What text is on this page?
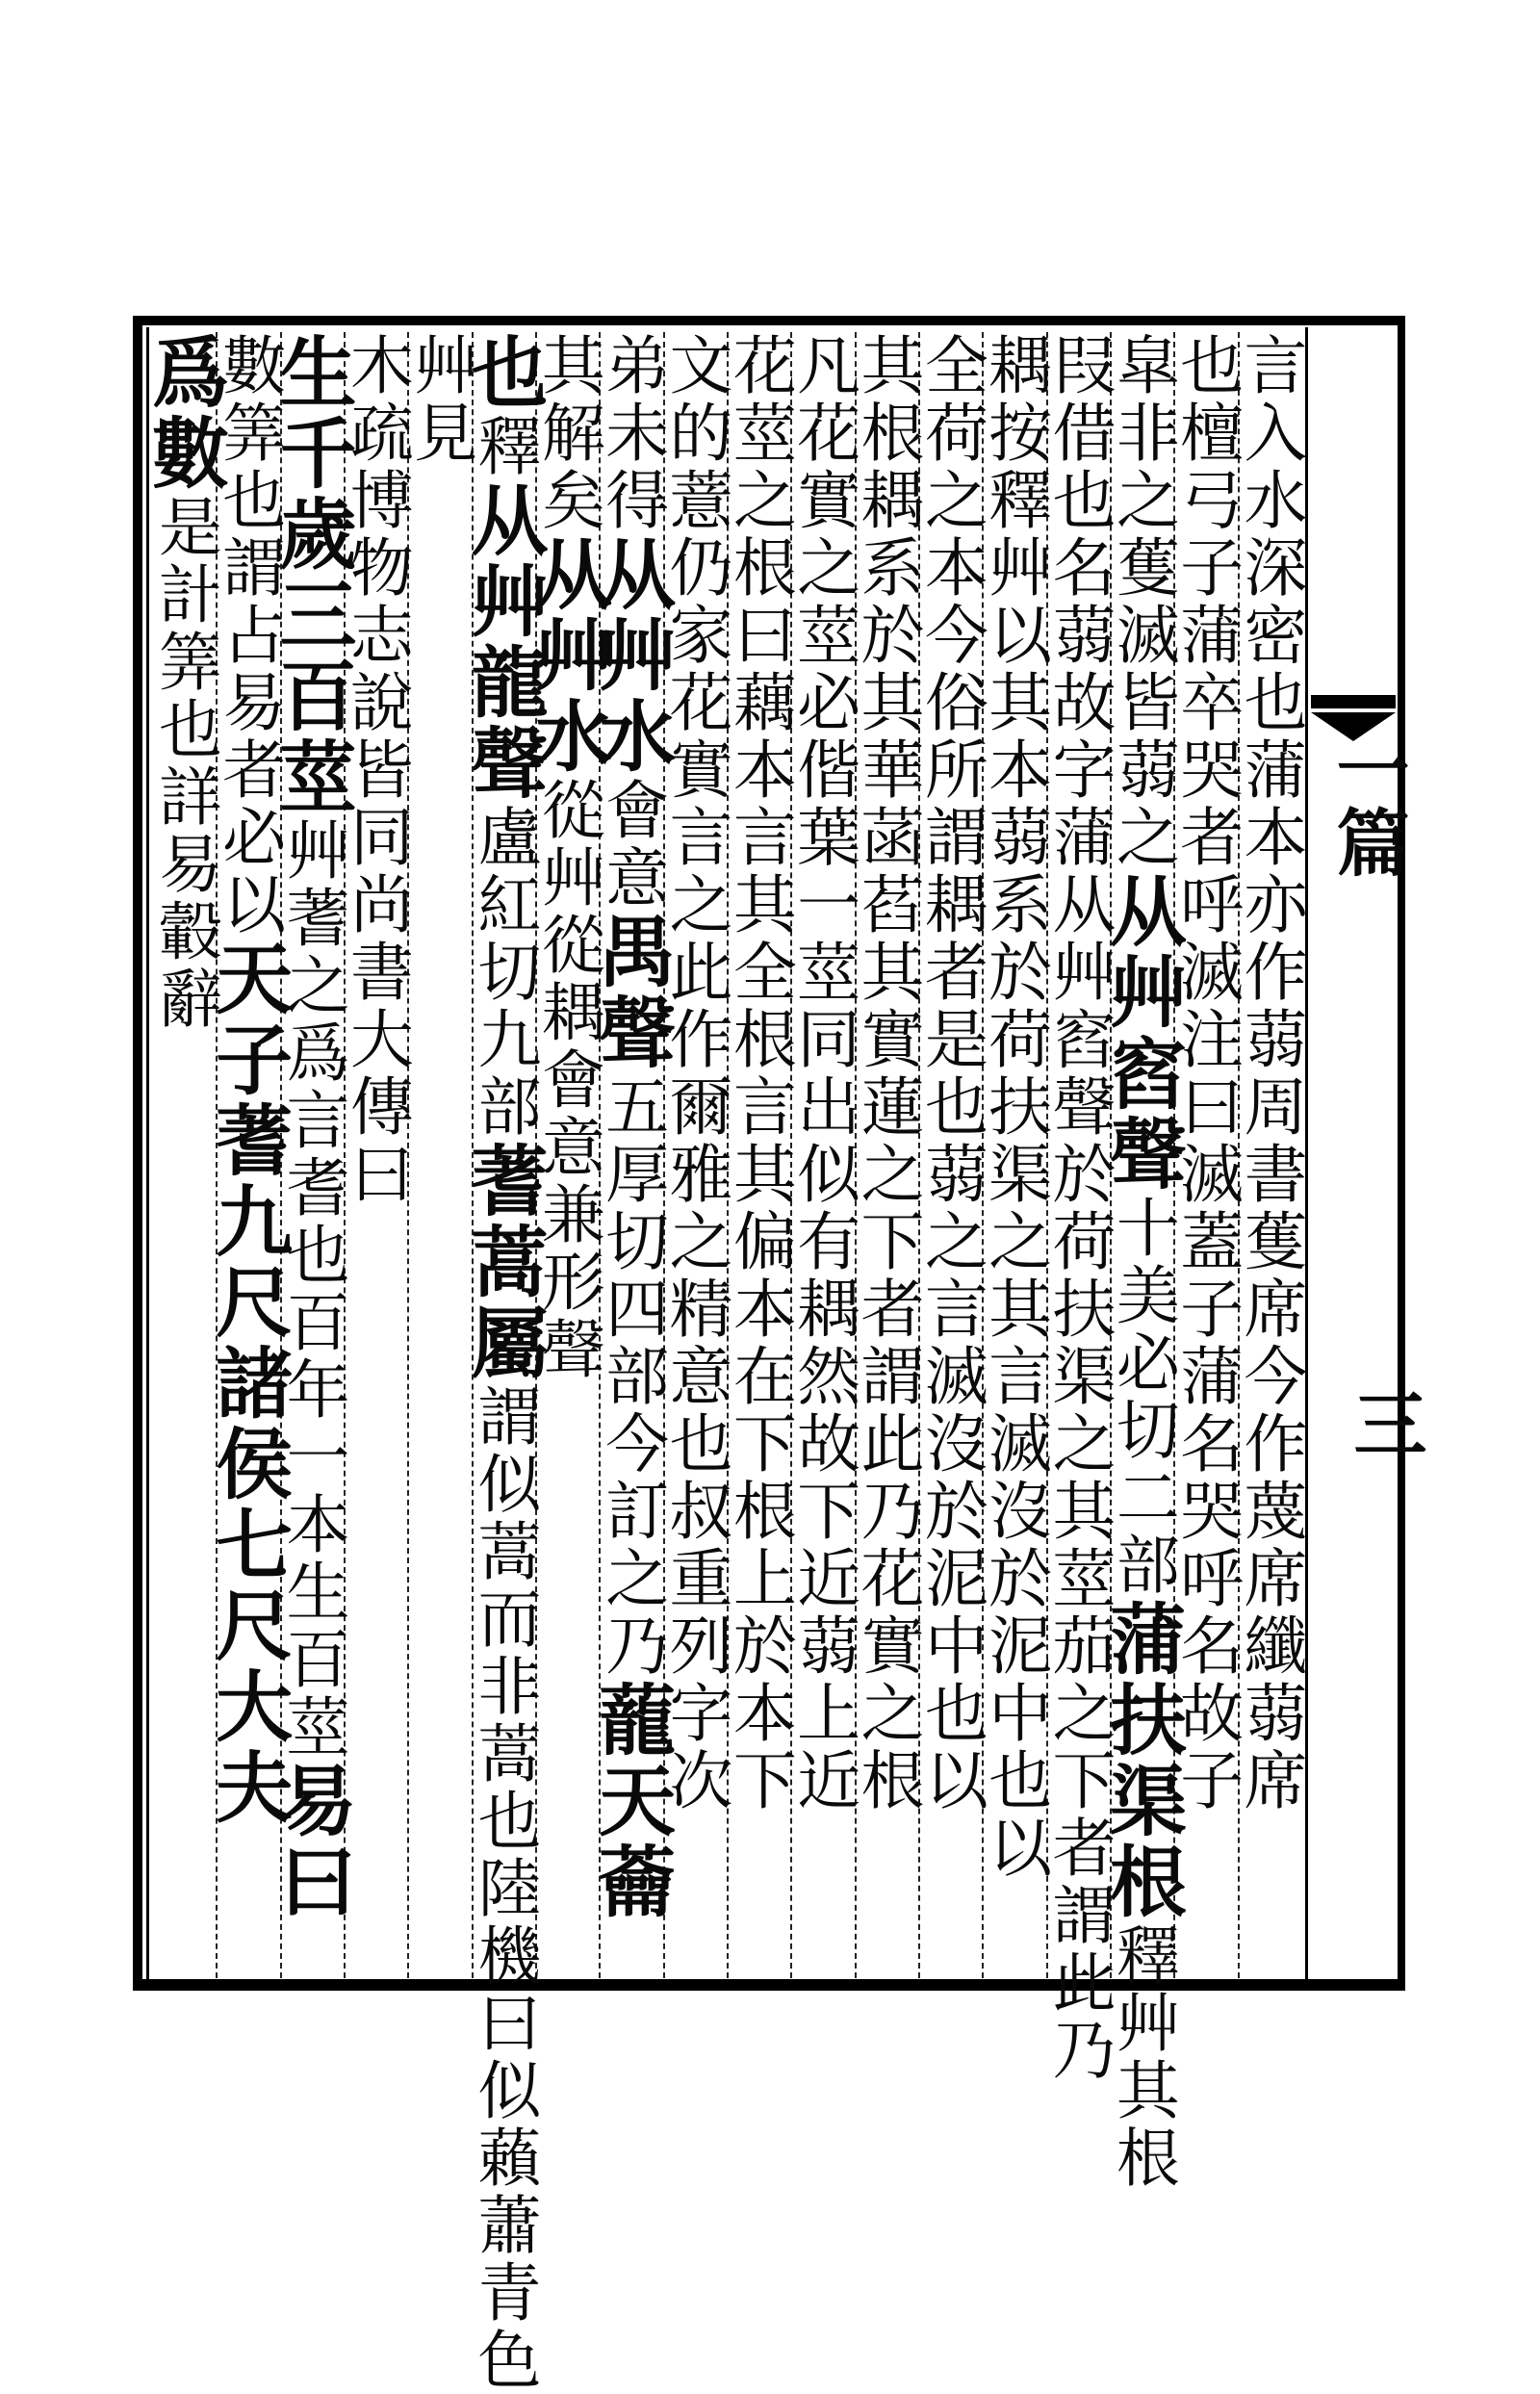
一篇
三
言入水深密也蒲本亦作蒻周書蒦席今作蔑席纖蒻席
也檀弓子蒲卒哭者呼滅注曰滅蓋子蒲名哭呼名故子
皐非之蒦滅皆蒻之从艸窞聲十美必切二部蒲扶渠根釋艸其根
叚借也名蒻故字蒲从艸窞聲於荷扶渠之其莖茄之下者謂此乃
耦按釋艸以其本蒻系於荷扶渠之其言滅沒於泥中也以
全荷之本今俗所謂耦者是也蒻之言滅沒於泥中也以
其根耦系於其華菡萏其實蓮之下者謂此乃花實之根
凡花實之莖必偕葉一莖同出似有耦然故下近蒻上近
花莖之根曰藕本言其全根言其偏本在下根上於本下
文的薏仍家花實言之此作爾雅之精意也叔重列字次
弟未得从艸水會意禺聲五厚切四部今訂之乃蘢天蘥
其解矣从艸水從艸從耦會意兼形聲
也釋从艸龍聲盧紅切九部蓍蒿屬謂似蒿而非蒿也陸機曰似藾蕭青色
艸見
木疏博物志說皆同尚書大傳曰
生千歲三百莖艸蓍之爲言耆也百年一本生百莖易曰
數筭也謂占易者必以天子蓍九尺諸侯七尺大夫
爲數是計筭也詳易轂辭
